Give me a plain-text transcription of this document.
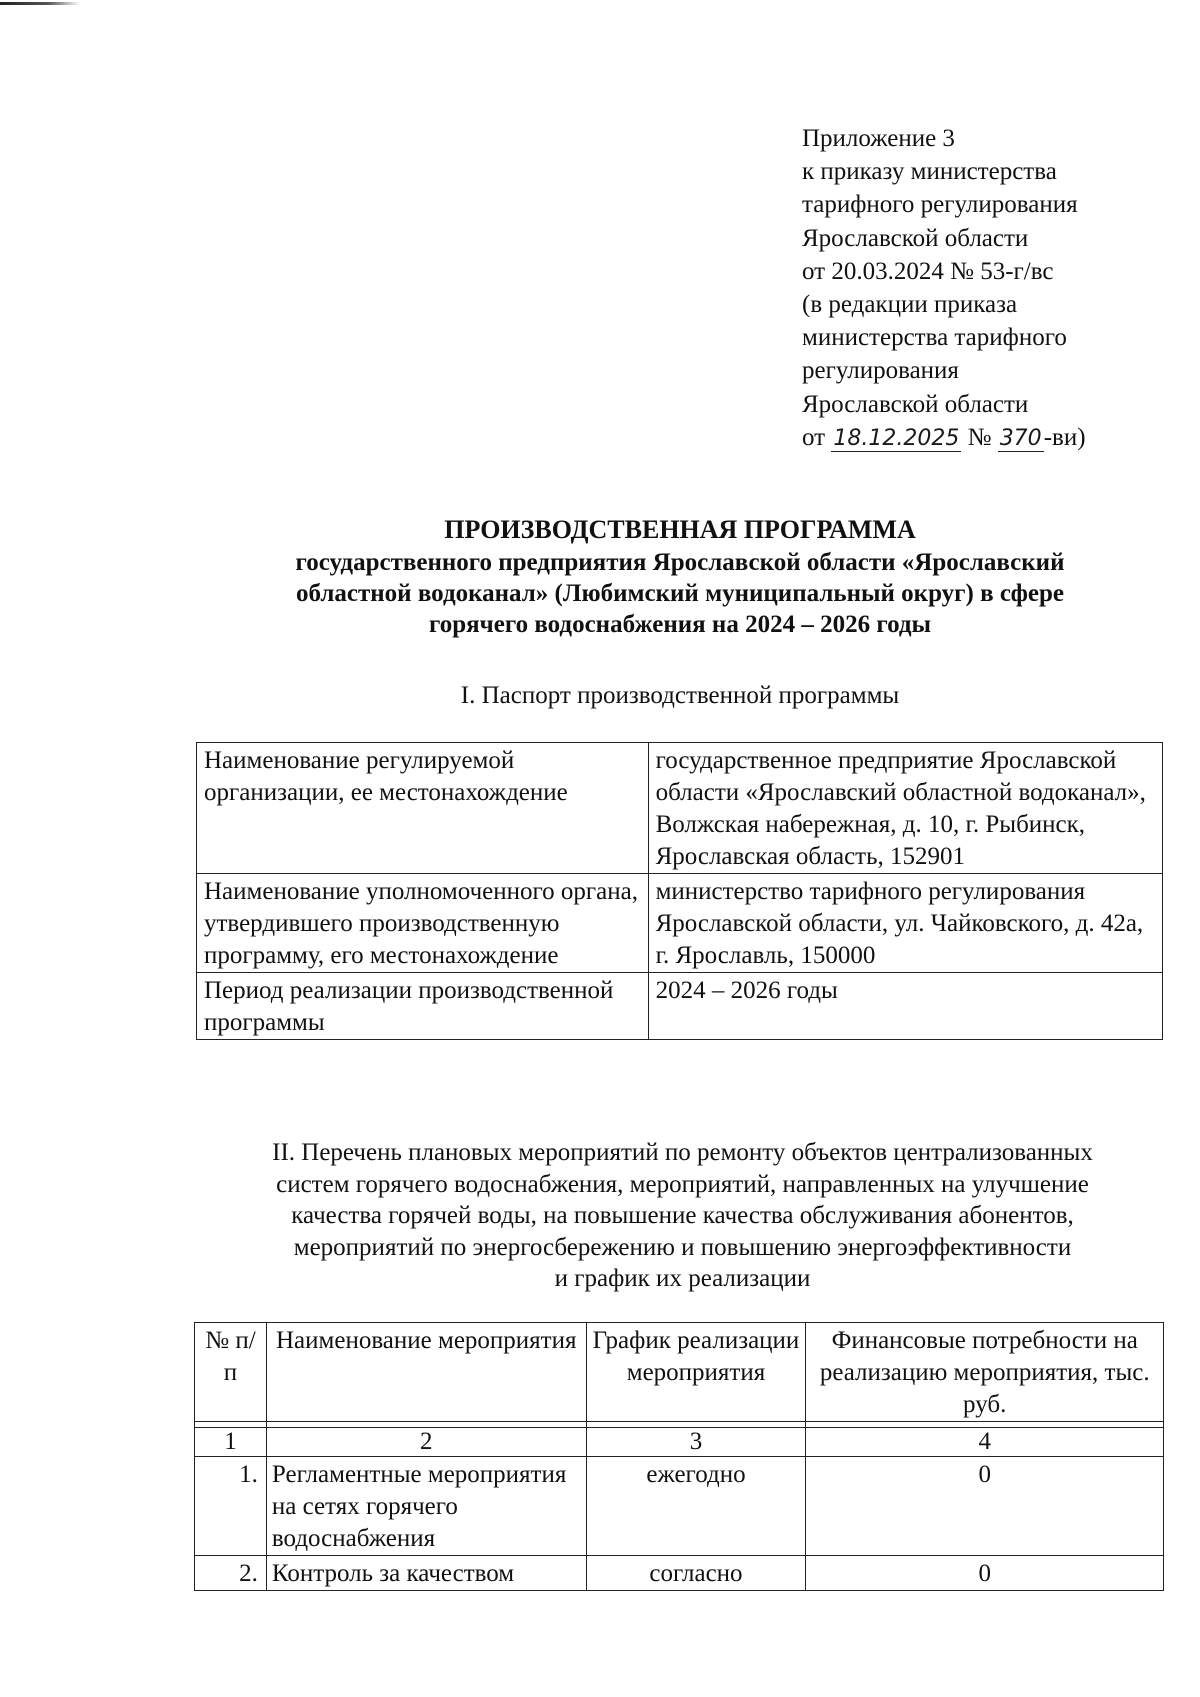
Приложение 3
к приказу министерства
тарифного регулирования
Ярославской области
от 20.03.2024 № 53-г/вс
(в редакции приказа
министерства тарифного
регулирования
Ярославской области
от 18.12.2025 № 370-ви)
ПРОИЗВОДСТВЕННАЯ ПРОГРАММА
государственного предприятия Ярославской области «Ярославский
областной водоканал» (Любимский муниципальный округ) в сфере
горячего водоснабжения на 2024 – 2026 годы
I. Паспорт производственной программы
Наименование регулируемой организации, ее местонахождение	государственное предприятие Ярославской области «Ярославский областной водоканал», Волжская набережная, д. 10, г. Рыбинск, Ярославская область, 152901
Наименование уполномоченного органа, утвердившего производственную программу, его местонахождение	министерство тарифного регулирования Ярославской области, ул. Чайковского, д. 42а, г. Ярославль, 150000
Период реализации производственной программы	2024 – 2026 годы
II. Перечень плановых мероприятий по ремонту объектов централизованных
систем горячего водоснабжения, мероприятий, направленных на улучшение
качества горячей воды, на повышение качества обслуживания абонентов,
мероприятий по энергосбережению и повышению энергоэффективности
и график их реализации
№ п/п	Наименование мероприятия	График реализации мероприятия	Финансовые потребности на реализацию мероприятия, тыс. руб.

1	2	3	4
1.	Регламентные мероприятия на сетях горячего водоснабжения	ежегодно	0
2.	Контроль за качеством	согласно	0
